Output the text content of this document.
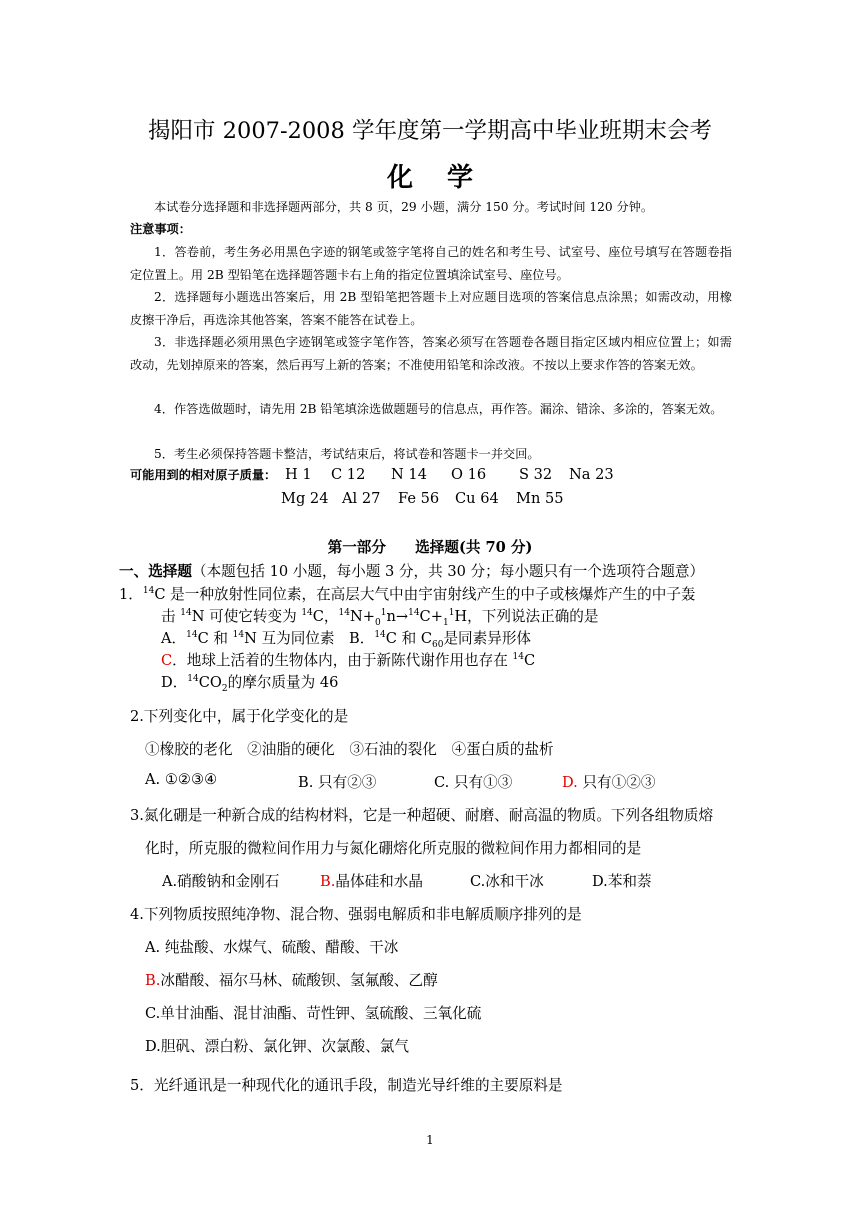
揭阳市 2007-2008 学年度第一学期高中毕业班期末会考
化学
本试卷分选择题和非选择题两部分，共 8 页，29 小题，满分 150 分。考试时间 120 分钟。
注意事项：
1．答卷前，考生务必用黑色字迹的钢笔或签字笔将自己的姓名和考生号、试室号、座位号填写在答题卷指定位置上。用 2B 型铅笔在选择题答题卡右上角的指定位置填涂试室号、座位号。
2．选择题每小题选出答案后，用 2B 型铅笔把答题卡上对应题目选项的答案信息点涂黑；如需改动，用橡皮擦干净后，再选涂其他答案，答案不能答在试卷上。
3．非选择题必须用黑色字迹钢笔或签字笔作答，答案必须写在答题卷各题目指定区域内相应位置上；如需改动，先划掉原来的答案，然后再写上新的答案；不准使用铅笔和涂改液。不按以上要求作答的答案无效。
4．作答选做题时，请先用 2B 铅笔填涂选做题题号的信息点，再作答。漏涂、错涂、多涂的，答案无效。
5．考生必须保持答题卡整洁，考试结束后，将试卷和答题卡一并交回。
可能用到的相对原子质量： H 1 C 12 N 14 O 16 S 32 Na 23
Mg 24 Al 27 Fe 56 Cu 64 Mn 55
第一部分　　选择题(共 70 分)
一、选择题（本题包括 10 小题，每小题 3 分，共 30 分；每小题只有一个选项符合题意）
1．$^{14}$C 是一种放射性同位素，在高层大气中由宇宙射线产生的中子或核爆炸产生的中子轰
击 $^{14}$N 可使它转变为 $^{14}$C，$^{14}N+_0^1n\to^{14}C+_1^1H$，下列说法正确的是
A．$^{14}$C 和 $^{14}$N 互为同位素 B．$^{14}$C 和 $C_{60}$是同素异形体
C．地球上活着的生物体内，由于新陈代谢作用也存在 $^{14}$C
D．$^{14}CO_2$的摩尔质量为 46
2.下列变化中，属于化学变化的是
①橡胶的老化　②油脂的硬化　③石油的裂化　④蛋白质的盐析
A. ①②③④	B. 只有②③	C. 只有①③	D. 只有①②③
3.氮化硼是一种新合成的结构材料，它是一种超硬、耐磨、耐高温的物质。下列各组物质熔
化时，所克服的微粒间作用力与氮化硼熔化所克服的微粒间作用力都相同的是
A.硝酸钠和金刚石	B.晶体硅和水晶	C.冰和干冰	D.苯和萘
4.下列物质按照纯净物、混合物、强弱电解质和非电解质顺序排列的是
A. 纯盐酸、水煤气、硫酸、醋酸、干冰
B.冰醋酸、福尔马林、硫酸钡、氢氟酸、乙醇
C.单甘油酯、混甘油酯、苛性钾、氢硫酸、三氧化硫
D.胆矾、漂白粉、氯化钾、次氯酸、氯气
5．光纤通讯是一种现代化的通讯手段，制造光导纤维的主要原料是
1
